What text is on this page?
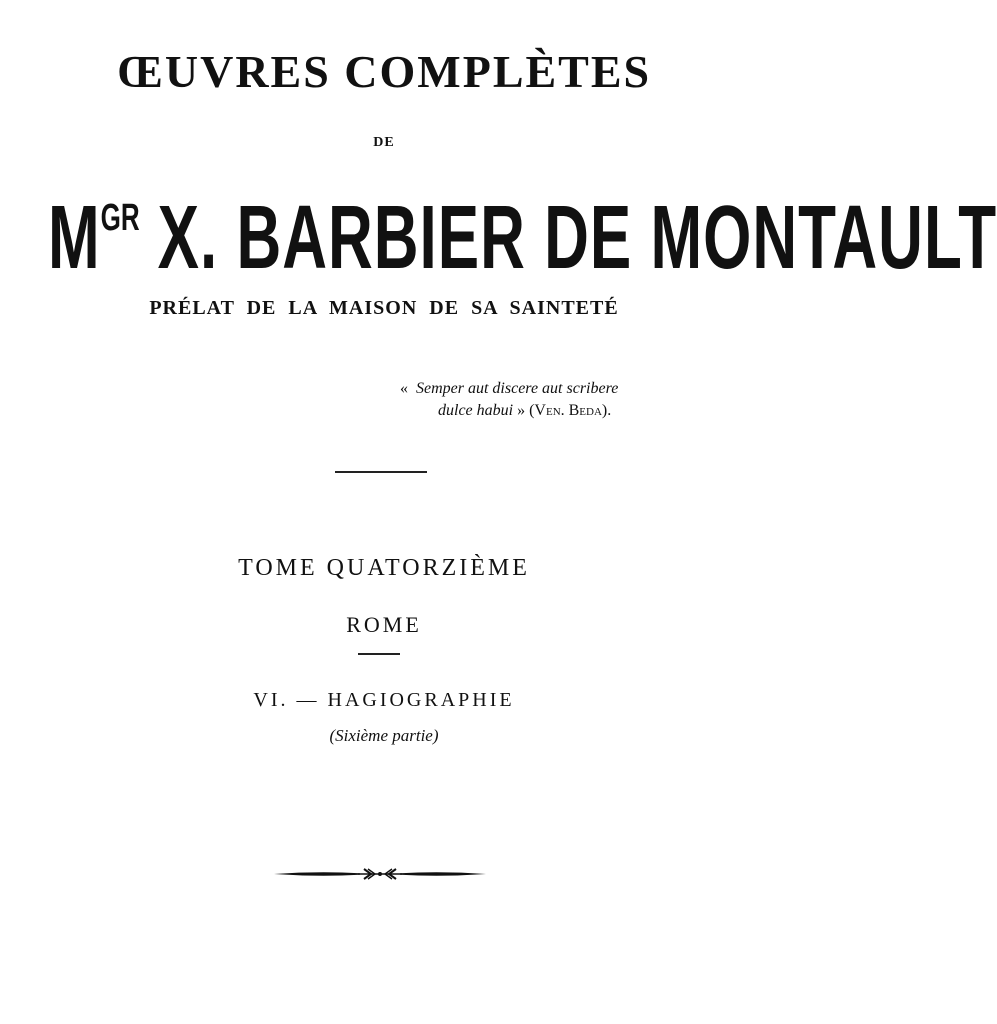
ŒUVRES COMPLÈTES
DE
$M^{GR}$ X. BARBIER DE MONTAULT
PRÉLAT DE LA MAISON DE SA SAINTETÉ
« Semper aut discere aut scribere
dulce habui » (Ven. Beda).
TOME QUATORZIÈME
ROME
VI. — HAGIOGRAPHIE
(Sixième partie)
